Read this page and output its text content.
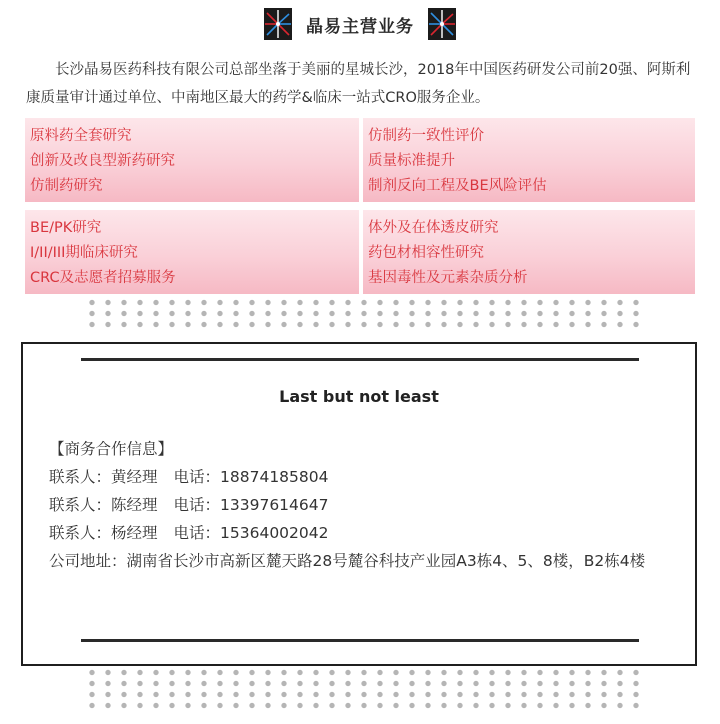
晶易主营业务

长沙晶易医药科技有限公司总部坐落于美丽的星城长沙，2018年中国医药研发公司前20强、阿斯利康质量审计通过单位、中南地区最大的药学&临床一站式CRO服务企业。

原料药全套研究
创新及改良型新药研究
仿制药研究
仿制药一致性评价
质量标准提升
制剂反向工程及BE风险评估
BE/PK研究
I/II/III期临床研究
CRC及志愿者招募服务
体外及在体透皮研究
药包材相容性研究
基因毒性及元素杂质分析
Last but not least
【商务合作信息】
联系人：黄经理 电话：18874185804
联系人：陈经理 电话：13397614647
联系人：杨经理 电话：15364002042
公司地址：湖南省长沙市高新区麓天路28号麓谷科技产业园A3栋4、5、8楼，B2栋4楼
